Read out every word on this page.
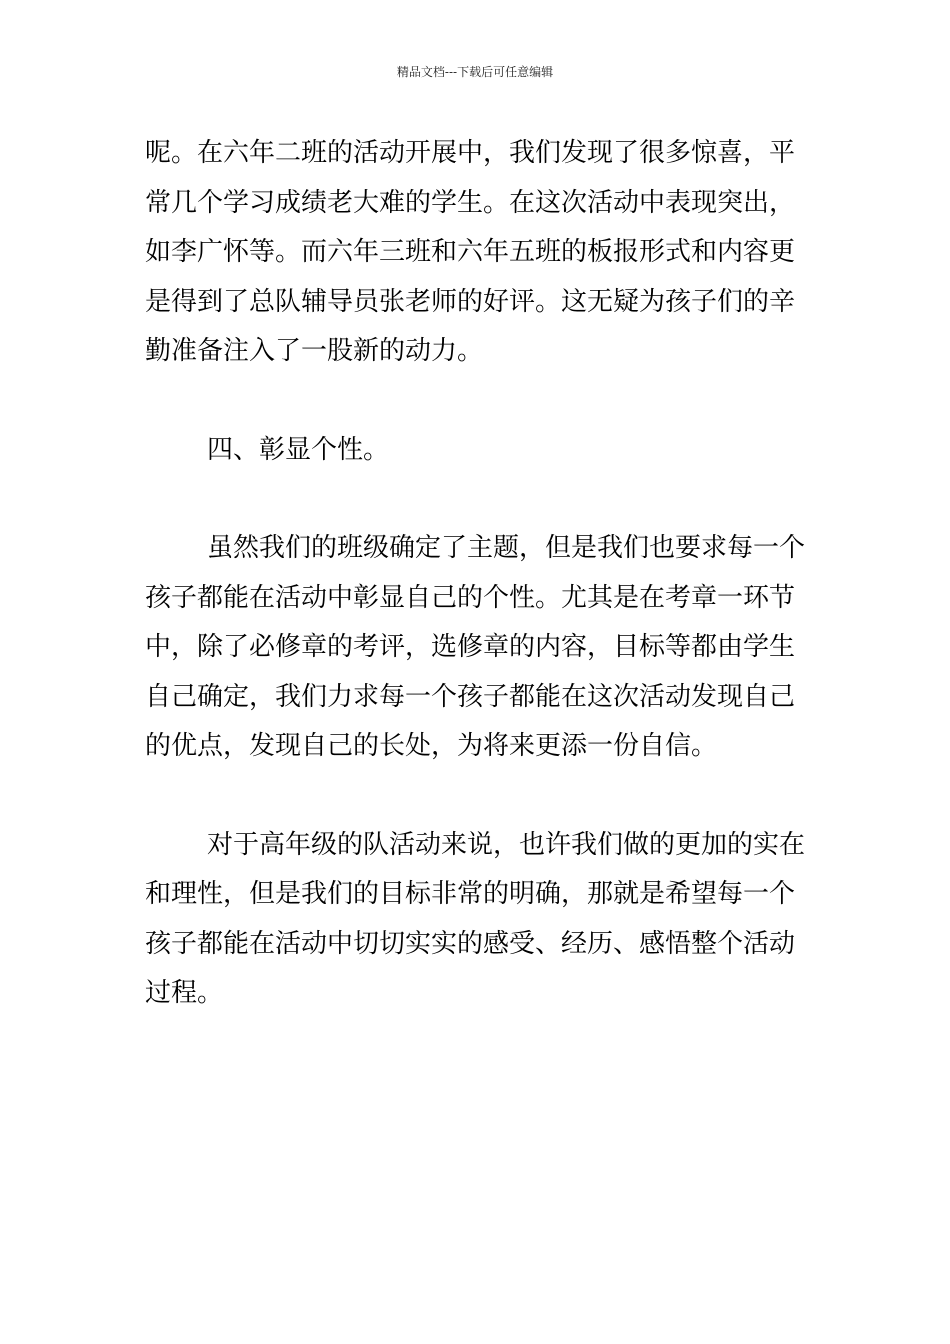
精品文档---下载后可任意编辑
呢。在六年二班的活动开展中，我们发现了很多惊喜，平
常几个学习成绩老大难的学生。在这次活动中表现突出，
如李广怀等。而六年三班和六年五班的板报形式和内容更
是得到了总队辅导员张老师的好评。这无疑为孩子们的辛
勤准备注入了一股新的动力。
四、彰显个性。
虽然我们的班级确定了主题，但是我们也要求每一个
孩子都能在活动中彰显自己的个性。尤其是在考章一环节
中，除了必修章的考评，选修章的内容，目标等都由学生
自己确定，我们力求每一个孩子都能在这次活动发现自己
的优点，发现自己的长处，为将来更添一份自信。
对于高年级的队活动来说，也许我们做的更加的实在
和理性，但是我们的目标非常的明确，那就是希望每一个
孩子都能在活动中切切实实的感受、经历、感悟整个活动
过程。
